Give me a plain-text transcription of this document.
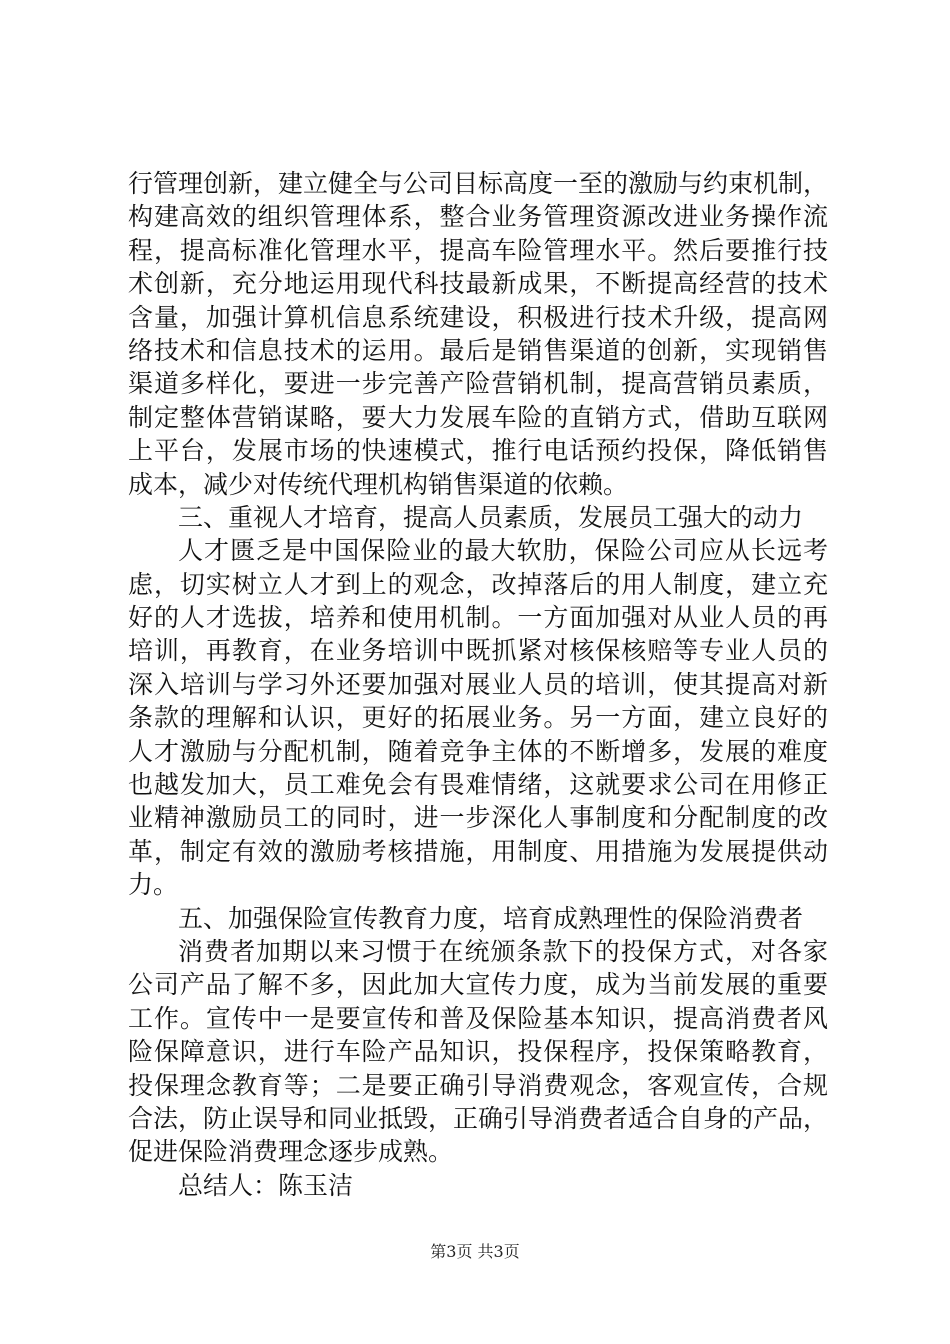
行管理创新，建立健全与公司目标高度一至的激励与约束机制，
构建高效的组织管理体系，整合业务管理资源改进业务操作流
程，提高标准化管理水平，提高车险管理水平。然后要推行技
术创新，充分地运用现代科技最新成果，不断提高经营的技术
含量，加强计算机信息系统建设，积极进行技术升级，提高网
络技术和信息技术的运用。最后是销售渠道的创新，实现销售
渠道多样化，要进一步完善产险营销机制，提高营销员素质，
制定整体营销谋略，要大力发展车险的直销方式，借助互联网
上平台，发展市场的快速模式，推行电话预约投保，降低销售
成本，减少对传统代理机构销售渠道的依赖。
三、重视人才培育，提高人员素质，发展员工强大的动力
人才匮乏是中国保险业的最大软肋，保险公司应从长远考
虑，切实树立人才到上的观念，改掉落后的用人制度，建立充
好的人才选拔，培养和使用机制。一方面加强对从业人员的再
培训，再教育，在业务培训中既抓紧对核保核赔等专业人员的
深入培训与学习外还要加强对展业人员的培训，使其提高对新
条款的理解和认识，更好的拓展业务。另一方面，建立良好的
人才激励与分配机制，随着竞争主体的不断增多，发展的难度
也越发加大，员工难免会有畏难情绪，这就要求公司在用修正
业精神激励员工的同时，进一步深化人事制度和分配制度的改
革，制定有效的激励考核措施，用制度、用措施为发展提供动
力。
五、加强保险宣传教育力度，培育成熟理性的保险消费者
消费者加期以来习惯于在统颁条款下的投保方式，对各家
公司产品了解不多，因此加大宣传力度，成为当前发展的重要
工作。宣传中一是要宣传和普及保险基本知识，提高消费者风
险保障意识，进行车险产品知识，投保程序，投保策略教育，
投保理念教育等；二是要正确引导消费观念，客观宣传，合规
合法，防止误导和同业抵毁，正确引导消费者适合自身的产品，
促进保险消费理念逐步成熟。
总结人：陈玉洁
第3页 共3页
